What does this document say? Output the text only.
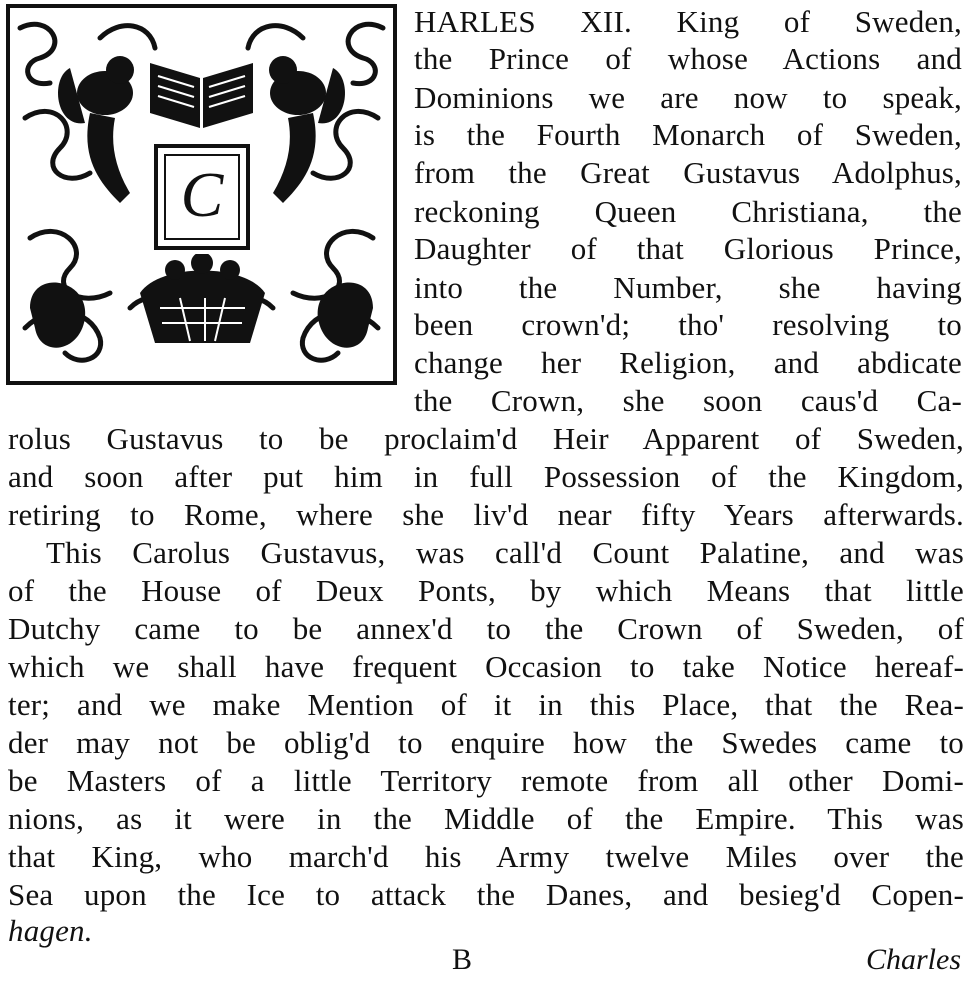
C
HARLES XII. King of Sweden,
the Prince of whose Actions and
Dominions we are now to speak,
is the Fourth Monarch of Sweden,
from the Great Gustavus Adolphus,
reckoning Queen Christiana, the
Daughter of that Glorious Prince,
into the Number, she having
been crown'd; tho' resolving to
change her Religion, and abdicate
the Crown, she soon caus'd Ca-
rolus Gustavus to be proclaim'd Heir Apparent of Sweden,
and soon after put him in full Possession of the Kingdom,
retiring to Rome, where she liv'd near fifty Years afterwards.
This Carolus Gustavus, was call'd Count Palatine, and was
of the House of Deux Ponts, by which Means that little
Dutchy came to be annex'd to the Crown of Sweden, of
which we shall have frequent Occasion to take Notice hereaf-
ter; and we make Mention of it in this Place, that the Rea-
der may not be oblig'd to enquire how the Swedes came to
be Masters of a little Territory remote from all other Domi-
nions, as it were in the Middle of the Empire. This was
that King, who march'd his Army twelve Miles over the
Sea upon the Ice to attack the Danes, and besieg'd Copen-
hagen.
B	Charles
